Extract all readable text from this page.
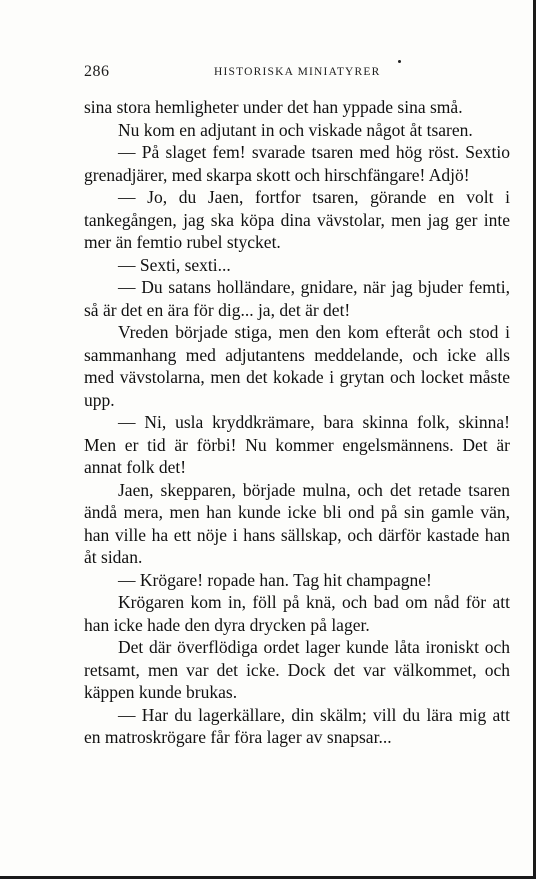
286	HISTORISKA MINIATYRER

sina stora hemligheter under det han yppade sina små.

Nu kom en adjutant in och viskade något åt tsaren.

— På slaget fem! svarade tsaren med hög röst. Sextio grenadjärer, med skarpa skott och hirschfängare! Adjö!

— Jo, du Jaen, fortfor tsaren, görande en volt i tankegången, jag ska köpa dina vävstolar, men jag ger inte mer än femtio rubel stycket.

— Sexti, sexti...

— Du satans holländare, gnidare, när jag bjuder femti, så är det en ära för dig... ja, det är det!

Vreden började stiga, men den kom efteråt och stod i sammanhang med adjutantens meddelande, och icke alls med vävstolarna, men det kokade i grytan och locket måste upp.

— Ni, usla kryddkrämare, bara skinna folk, skinna! Men er tid är förbi! Nu kommer engelsmännens. Det är annat folk det!

Jaen, skepparen, började mulna, och det retade tsaren ändå mera, men han kunde icke bli ond på sin gamle vän, han ville ha ett nöje i hans sällskap, och därför kastade han åt sidan.

— Krögare! ropade han. Tag hit champagne!

Krögaren kom in, föll på knä, och bad om nåd för att han icke hade den dyra drycken på lager.

Det där överflödiga ordet lager kunde låta ironiskt och retsamt, men var det icke. Dock det var välkommet, och käppen kunde brukas.

— Har du lagerkällare, din skälm; vill du lära mig att en matroskrögare får föra lager av snapsar...
